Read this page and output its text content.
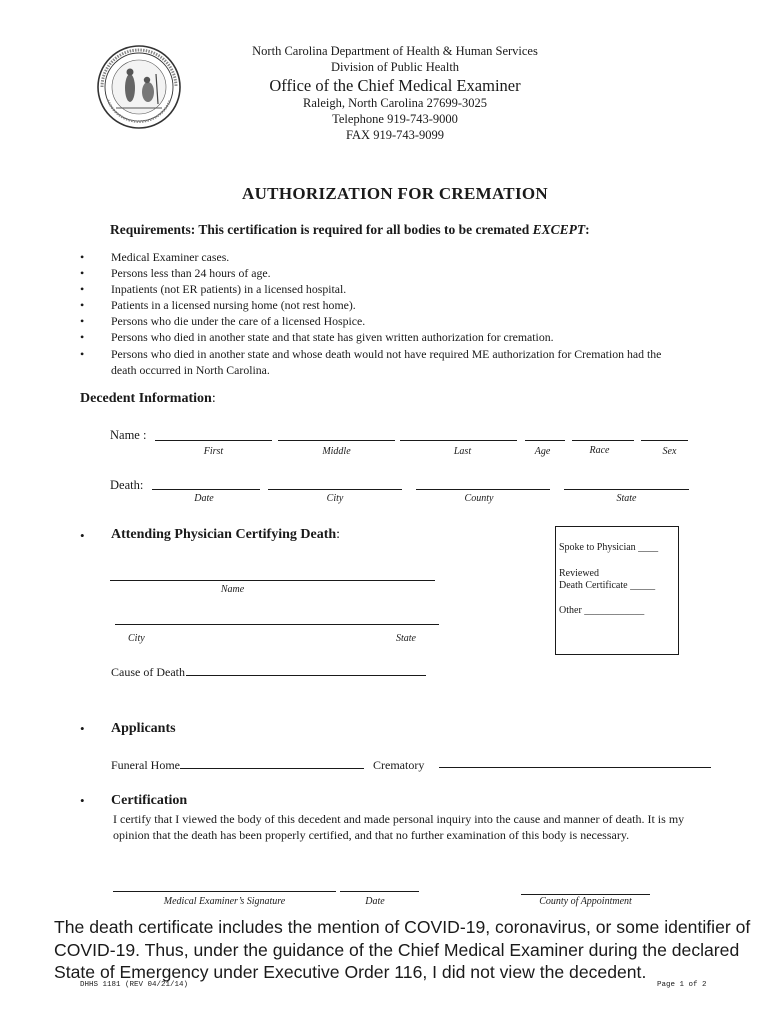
North Carolina Department of Health & Human Services
Division of Public Health
Office of the Chief Medical Examiner
Raleigh, North Carolina 27699-3025
Telephone 919-743-9000
FAX 919-743-9099
AUTHORIZATION FOR CREMATION
Requirements: This certification is required for all bodies to be cremated EXCEPT:
• Medical Examiner cases.
• Persons less than 24 hours of age.
• Inpatients (not ER patients) in a licensed hospital.
• Patients in a licensed nursing home (not rest home).
• Persons who die under the care of a licensed Hospice.
• Persons who died in another state and that state has given written authorization for cremation.
• Persons who died in another state and whose death would not have required ME authorization for Cremation had the death occurred in North Carolina.
Decedent Information:
Name :
First	Middle	Last	Age	Race	Sex
Death:
Date	City	County	State
• Attending Physician Certifying Death:
Name
City	State
Cause of Death
Spoke to Physician ____
Reviewed
Death Certificate _____
Other ____________
• Applicants
Funeral Home	Crematory
• Certification
I certify that I viewed the body of this decedent and made personal inquiry into the cause and manner of death. It is my opinion that the death has been properly certified, and that no further examination of this body is necessary.
Medical Examiner’s Signature	Date	County of Appointment
The death certificate includes the mention of COVID-19, coronavirus, or some identifier of COVID-19. Thus, under the guidance of the Chief Medical Examiner during the declared State of Emergency under Executive Order 116, I did not view the decedent.
DHHS 1181 (REV 04/21/14)	Page 1 of 2
